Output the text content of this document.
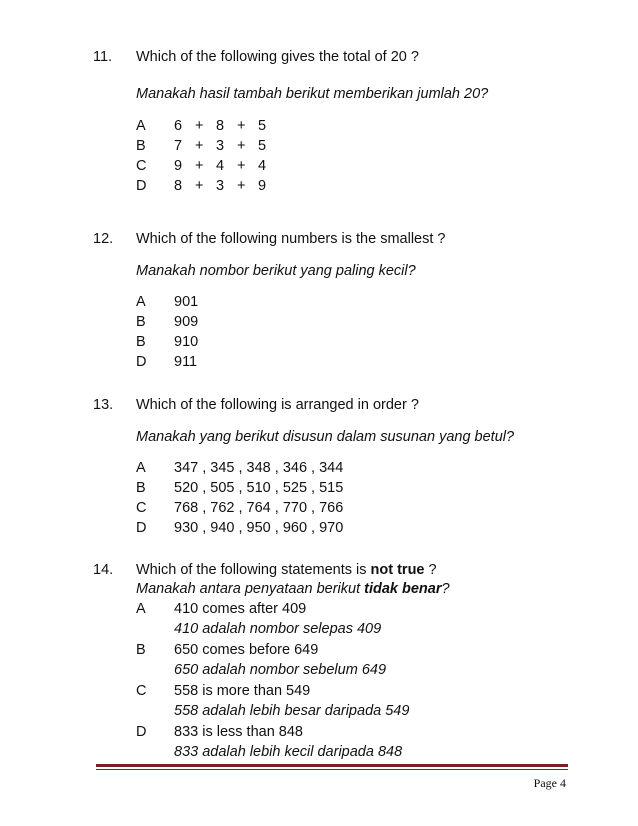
11. Which of the following gives the total of 20 ?
Manakah hasil tambah berikut memberikan jumlah 20?
A 6 + 8 + 5
B 7 + 3 + 5
C 9 + 4 + 4
D 8 + 3 + 9
12. Which of the following numbers is the smallest ?
Manakah nombor berikut yang paling kecil?
A 901
B 909
B 910
D 911
13. Which of the following is arranged in order ?
Manakah yang berikut disusun dalam susunan yang betul?
A 347 , 345 , 348 , 346 , 344
B 520 , 505 , 510 , 525 , 515
C 768 , 762 , 764 , 770 , 766
D 930 , 940 , 950 , 960 , 970
14. Which of the following statements is not true ?
Manakah antara penyataan berikut tidak benar?
A 410 comes after 409
410 adalah nombor selepas 409
B 650 comes before 649
650 adalah nombor sebelum 649
C 558 is more than 549
558 adalah lebih besar daripada 549
D 833 is less than 848
833 adalah lebih kecil daripada 848
Page 4
